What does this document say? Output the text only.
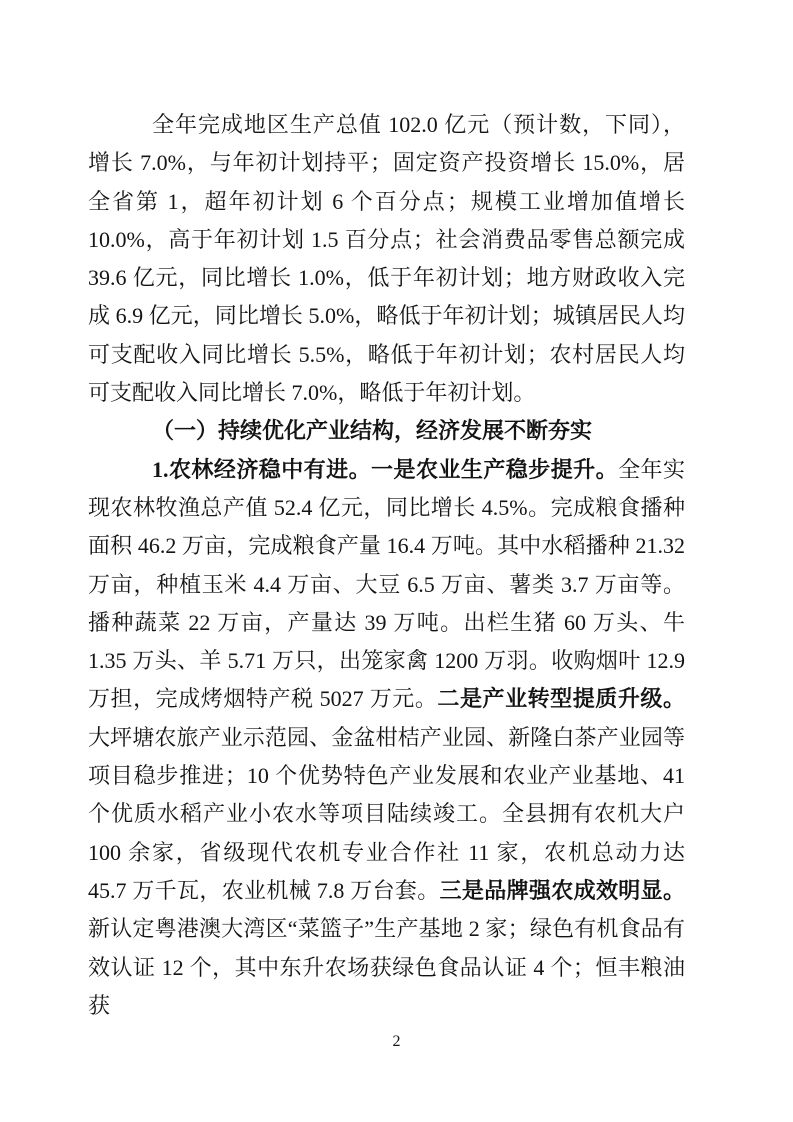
全年完成地区生产总值 102.0 亿元（预计数，下同），增长 7.0%，与年初计划持平；固定资产投资增长 15.0%，居全省第 1，超年初计划 6 个百分点；规模工业增加值增长 10.0%，高于年初计划 1.5 百分点；社会消费品零售总额完成 39.6 亿元，同比增长 1.0%，低于年初计划；地方财政收入完成 6.9 亿元，同比增长 5.0%，略低于年初计划；城镇居民人均可支配收入同比增长 5.5%，略低于年初计划；农村居民人均可支配收入同比增长 7.0%，略低于年初计划。

（一）持续优化产业结构，经济发展不断夯实

1.农林经济稳中有进。一是农业生产稳步提升。全年实现农林牧渔总产值 52.4 亿元，同比增长 4.5%。完成粮食播种面积 46.2 万亩，完成粮食产量 16.4 万吨。其中水稻播种 21.32 万亩，种植玉米 4.4 万亩、大豆 6.5 万亩、薯类 3.7 万亩等。播种蔬菜 22 万亩，产量达 39 万吨。出栏生猪 60 万头、牛 1.35 万头、羊 5.71 万只，出笼家禽 1200 万羽。收购烟叶 12.9 万担，完成烤烟特产税 5027 万元。二是产业转型提质升级。大坪塘农旅产业示范园、金盆柑桔产业园、新隆白茶产业园等项目稳步推进；10 个优势特色产业发展和农业产业基地、41 个优质水稻产业小农水等项目陆续竣工。全县拥有农机大户 100 余家，省级现代农机专业合作社 11 家，农机总动力达 45.7 万千瓦，农业机械 7.8 万台套。三是品牌强农成效明显。新认定粤港澳大湾区“菜篮子”生产基地 2 家；绿色有机食品有效认证 12 个，其中东升农场获绿色食品认证 4 个；恒丰粮油获

2
